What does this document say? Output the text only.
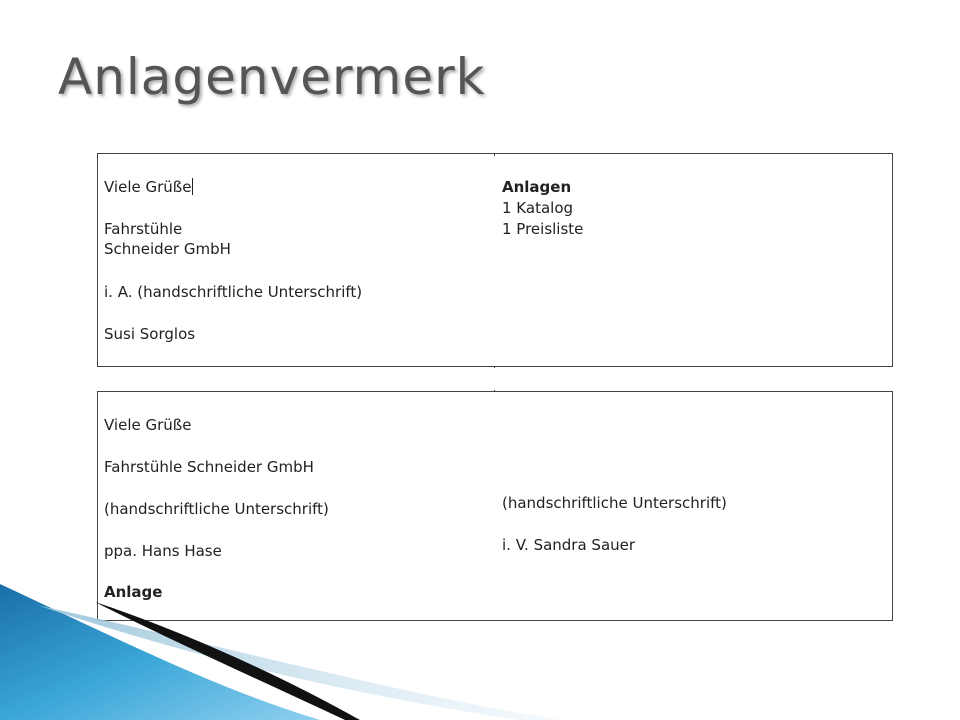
Anlagenvermerk
Viele Grüße
Fahrstühle
Schneider GmbH
i. A. (handschriftliche Unterschrift)
Susi Sorglos
Anlagen
1 Katalog
1 Preisliste
Viele Grüße
Fahrstühle Schneider GmbH
(handschriftliche Unterschrift)
ppa. Hans Hase
Anlage
(handschriftliche Unterschrift)
i. V. Sandra Sauer
